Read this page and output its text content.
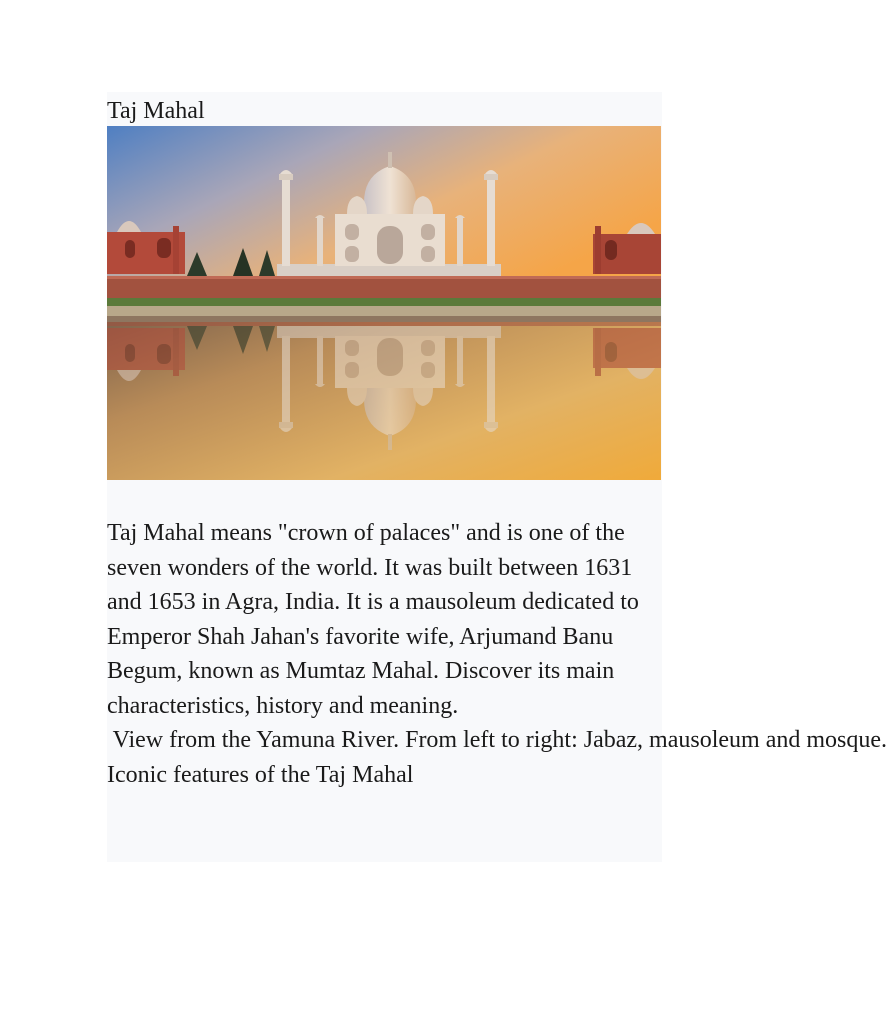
Taj Mahal

Taj Mahal means "crown of palaces" and is one of the seven wonders of the world. It was built between 1631 and 1653 in Agra, India. It is a mausoleum dedicated to Emperor Shah Jahan's favorite wife, Arjumand Banu Begum, known as Mumtaz Mahal. Discover its main characteristics, history and meaning.

View from the Yamuna River. From left to right: Jabaz, mausoleum and mosque.

Iconic features of the Taj Mahal
